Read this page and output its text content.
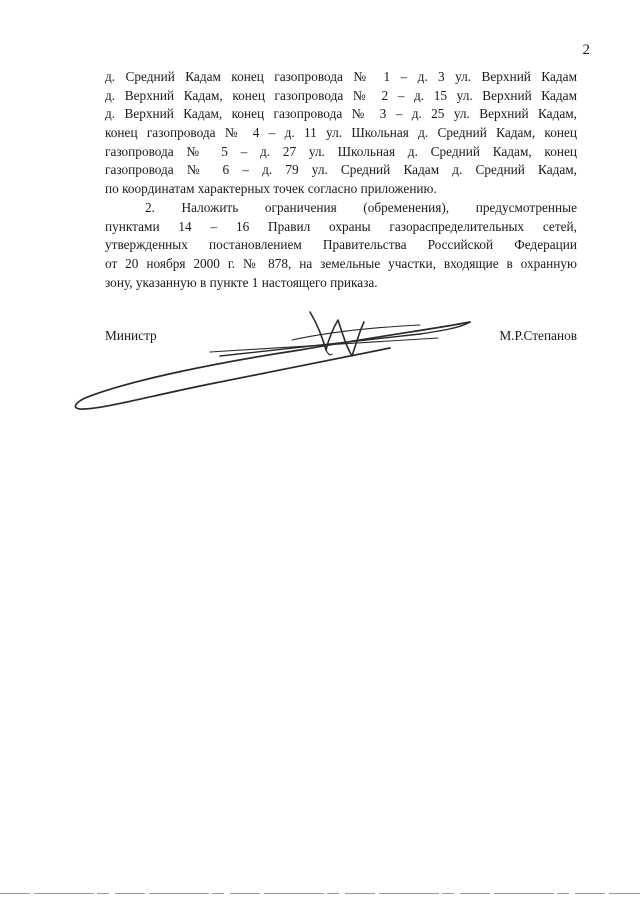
2
д. Средний Кадам конец газопровода № 1 – д. 3 ул. Верхний Кадам
д. Верхний Кадам, конец газопровода № 2 – д. 15 ул. Верхний Кадам
д. Верхний Кадам, конец газопровода № 3 – д. 25 ул. Верхний Кадам,
конец газопровода № 4 – д. 11 ул. Школьная д. Средний Кадам, конец
газопровода № 5 – д. 27 ул. Школьная д. Средний Кадам, конец
газопровода № 6 – д. 79 ул. Средний Кадам д. Средний Кадам,
по координатам характерных точек согласно приложению.
2. Наложить ограничения (обременения), предусмотренные
пунктами 14 – 16 Правил охраны газораспределительных сетей,
утвержденных постановлением Правительства Российской Федерации
от 20 ноября 2000 г. № 878, на земельные участки, входящие в охранную
зону, указанную в пункте 1 настоящего приказа.
Министр	М.Р.Степанов
